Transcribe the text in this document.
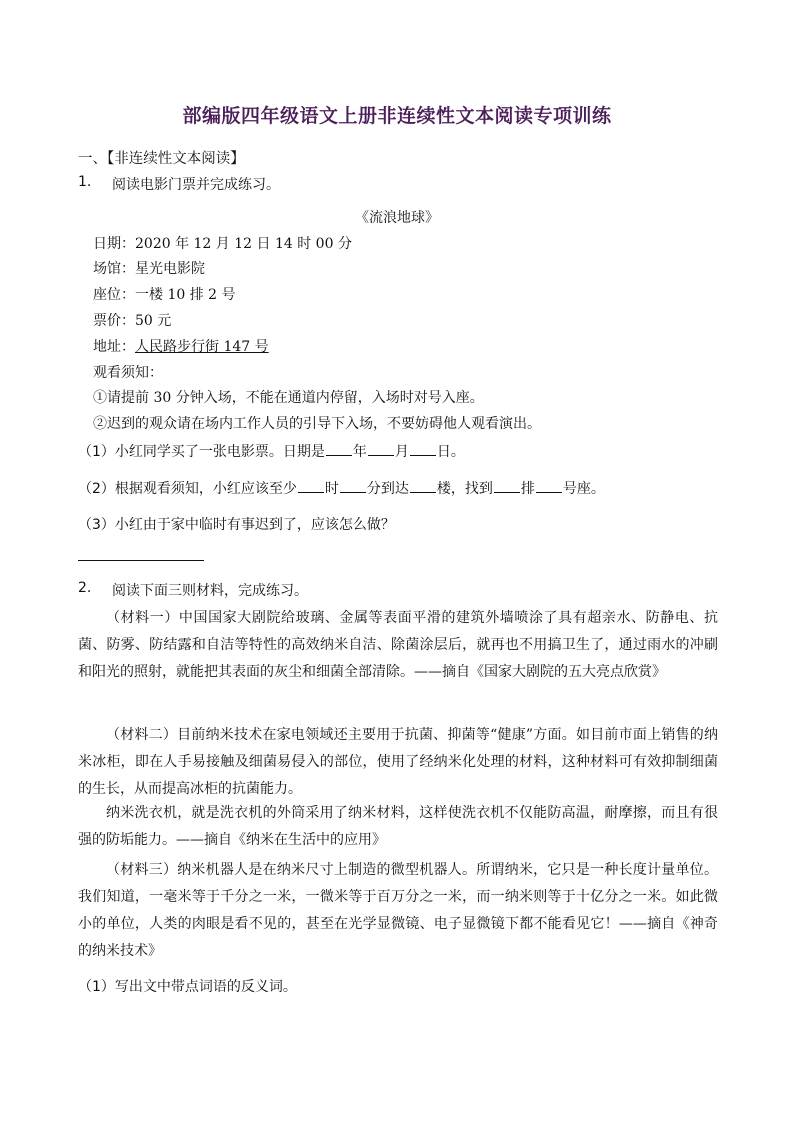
部编版四年级语文上册非连续性文本阅读专项训练
一、【非连续性文本阅读】
1. 阅读电影门票并完成练习。
《流浪地球》
日期：2020 年 12 月 12 日 14 时 00 分
场馆：星光电影院
座位：一楼 10 排 2 号
票价：50 元
地址：人民路步行街 147 号
观看须知：
①请提前 30 分钟入场，不能在通道内停留，入场时对号入座。
②迟到的观众请在场内工作人员的引导下入场，不要妨碍他人观看演出。
（1）小红同学买了一张电影票。日期是 年 月 日。
（2）根据观看须知，小红应该至少 时 分到达 楼，找到 排 号座。
（3）小红由于家中临时有事迟到了，应该怎么做？
2. 阅读下面三则材料，完成练习。
（材料一）中国国家大剧院给玻璃、金属等表面平滑的建筑外墙喷涂了具有超亲水、防静电、抗菌、防雾、防结露和自洁等特性的高效纳米自洁、除菌涂层后，就再也不用搞卫生了，通过雨水的冲刷和阳光的照射，就能把其表面的灰尘和细菌全部清除。——摘自《国家大剧院的五大亮点欣赏》
（材料二）目前纳米技术在家电领域还主要用于抗菌、抑菌等“健康”方面。如目前市面上销售的纳米冰柜，即在人手易接触及细菌易侵入的部位，使用了经纳米化处理的材料，这种材料可有效抑制细菌的生长，从而提高冰柜的抗菌能力。
纳米洗衣机，就是洗衣机的外筒采用了纳米材料，这样使洗衣机不仅能防高温，耐摩擦，而且有很强的防垢能力。——摘自《纳米在生活中的应用》
（材料三）纳米机器人是在纳米尺寸上制造的微型机器人。所谓纳米，它只是一种长度计量单位。我们知道，一毫米等于千分之一米，一微米等于百万分之一米，而一纳米则等于十亿分之一米。如此微小的单位，人类的肉眼是看不见的，甚至在光学显微镜、电子显微镜下都不能看见它！——摘自《神奇的纳米技术》
（1）写出文中带点词语的反义词。
